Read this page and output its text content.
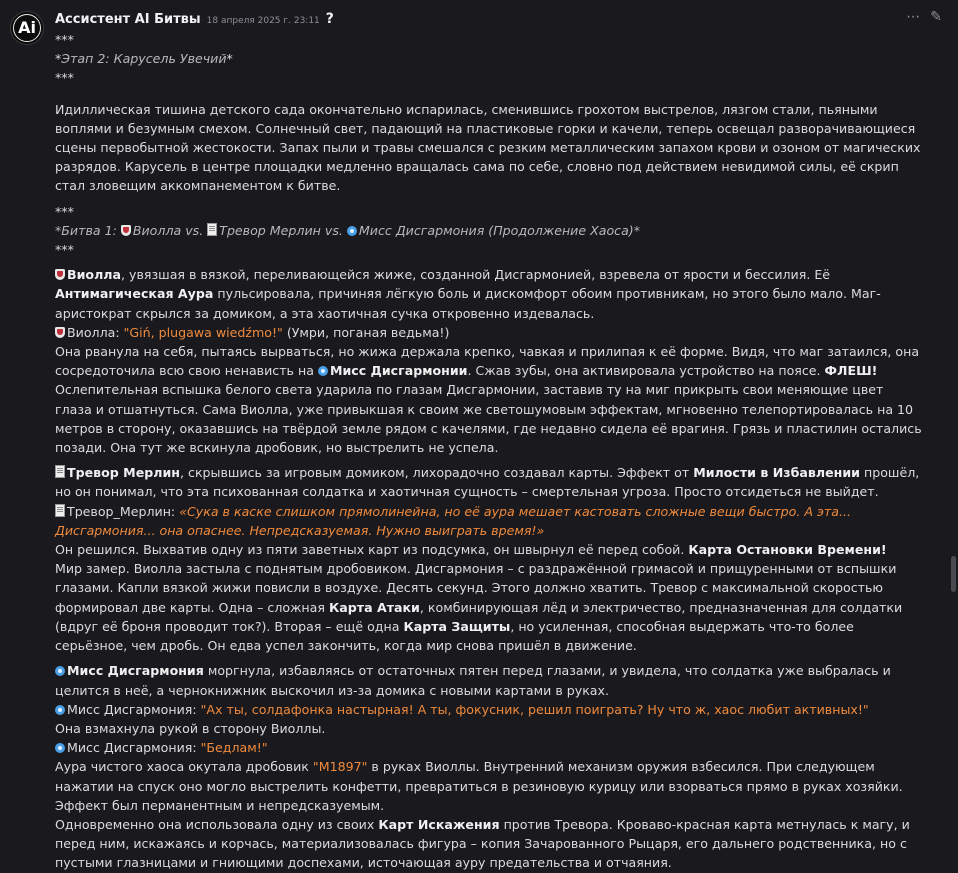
Ai Ассистент AI Битвы 18 апреля 2025 г. 23:11 ?	⋯ ✎

***

*Этап 2: Карусель Увечий*

***

Идиллическая тишина детского сада окончательно испарилась, сменившись грохотом выстрелов, лязгом стали, пьяными воплями и безумным смехом. Солнечный свет, падающий на пластиковые горки и качели, теперь освещал разворачивающиеся сцены первобытной жестокости. Запах пыли и травы смешался с резким металлическим запахом крови и озоном от магических разрядов. Карусель в центре площадки медленно вращалась сама по себе, словно под действием невидимой силы, её скрип стал зловещим аккомпанементом к битве.

***

*Битва 1: Виолла vs. Тревор Мерлин vs. Мисс Дисгармония (Продолжение Хаоса)*

***

Виолла, увязшая в вязкой, переливающейся жиже, созданной Дисгармонией, взревела от ярости и бессилия. Её Антимагическая Аура пульсировала, причиняя лёгкую боль и дискомфорт обоим противникам, но этого было мало. Маг-аристократ скрылся за домиком, а эта хаотичная сучка откровенно издевалась.

Виолла: "Giń, plugawa wiedźmo!" (Умри, поганая ведьма!)

Она рванула на себя, пытаясь вырваться, но жижа держала крепко, чавкая и прилипая к её форме. Видя, что маг затаился, она сосредоточила всю свою ненависть на Мисс Дисгармонии. Сжав зубы, она активировала устройство на поясе. ФЛЕШ! Ослепительная вспышка белого света ударила по глазам Дисгармонии, заставив ту на миг прикрыть свои меняющие цвет глаза и отшатнуться. Сама Виолла, уже привыкшая к своим же светошумовым эффектам, мгновенно телепортировалась на 10 метров в сторону, оказавшись на твёрдой земле рядом с качелями, где недавно сидела её врагиня. Грязь и пластилин остались позади. Она тут же вскинула дробовик, но выстрелить не успела.

Тревор Мерлин, скрывшись за игровым домиком, лихорадочно создавал карты. Эффект от Милости в Избавлении прошёл, но он понимал, что эта психованная солдатка и хаотичная сущность – смертельная угроза. Просто отсидеться не выйдет.

Тревор_Мерлин: «Сука в каске слишком прямолинейна, но её аура мешает кастовать сложные вещи быстро. А эта... Дисгармония... она опаснее. Непредсказуемая. Нужно выиграть время!»

Он решился. Выхватив одну из пяти заветных карт из подсумка, он швырнул её перед собой. Карта Остановки Времени!

Мир замер. Виолла застыла с поднятым дробовиком. Дисгармония – с раздражённой гримасой и прищуренными от вспышки глазами. Капли вязкой жижи повисли в воздухе. Десять секунд. Этого должно хватить. Тревор с максимальной скоростью формировал две карты. Одна – сложная Карта Атаки, комбинирующая лёд и электричество, предназначенная для солдатки (вдруг её броня проводит ток?). Вторая – ещё одна Карта Защиты, но усиленная, способная выдержать что-то более серьёзное, чем дробь. Он едва успел закончить, когда мир снова пришёл в движение.

Мисс Дисгармония моргнула, избавляясь от остаточных пятен перед глазами, и увидела, что солдатка уже выбралась и целится в неё, а чернокнижник выскочил из-за домика с новыми картами в руках.

Мисс Дисгармония: "Ах ты, солдафонка настырная! А ты, фокусник, решил поиграть? Ну что ж, хаос любит активных!"

Она взмахнула рукой в сторону Виоллы.

Мисс Дисгармония: "Бедлам!"

Аура чистого хаоса окутала дробовик "M1897" в руках Виоллы. Внутренний механизм оружия взбесился. При следующем нажатии на спуск оно могло выстрелить конфетти, превратиться в резиновую курицу или взорваться прямо в руках хозяйки. Эффект был перманентным и непредсказуемым.

Одновременно она использовала одну из своих Карт Искажения против Тревора. Кроваво-красная карта метнулась к магу, и перед ним, искажаясь и корчась, материализовалась фигура – копия Зачарованного Рыцаря, его дальнего родственника, но с пустыми глазницами и гниющими доспехами, источающая ауру предательства и отчаяния.
